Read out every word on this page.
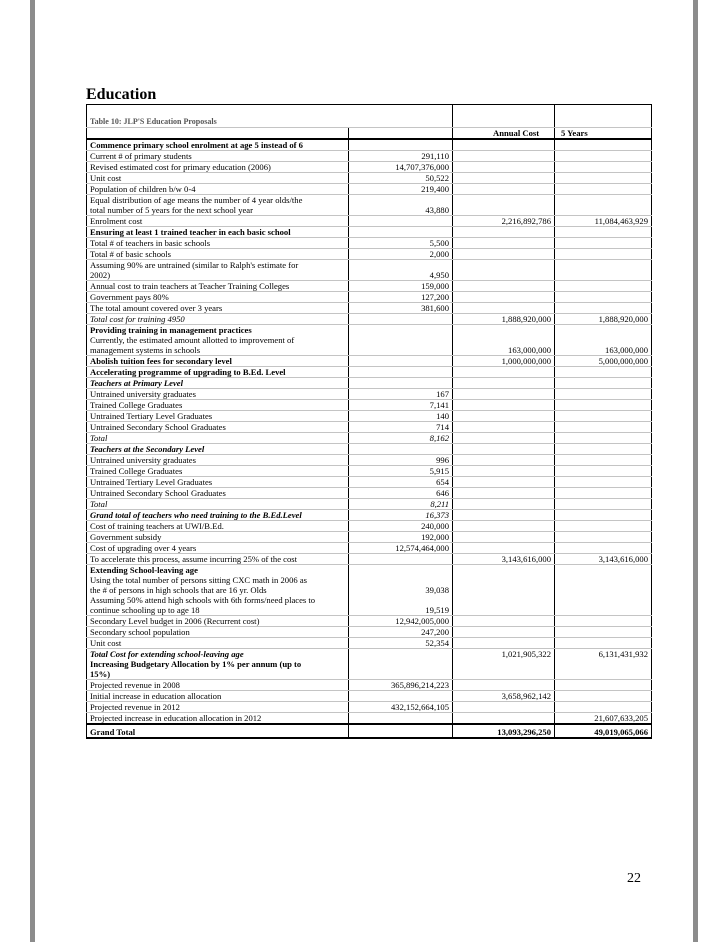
Education
Table 10: JLP'S Education Proposals			
		Annual Cost	5 Years
Commence primary school enrolment at age 5 instead of 6			
Current # of primary students	291,110		
Revised estimated cost for primary education (2006)	14,707,376,000		
Unit cost	50,522		
Population of children b/w 0-4	219,400		
Equal distribution of age means the number of 4 year olds/the			
total number of 5 years for the next school year	43,880		
Enrolment cost		2,216,892,786	11,084,463,929
Ensuring at least 1 trained teacher in each basic school			
Total # of teachers in basic schools	5,500		
Total # of basic schools	2,000		
Assuming 90% are untrained (similar to Ralph's estimate for			
2002)	4,950		
Annual cost to train teachers at Teacher Training Colleges	159,000		
Government pays 80%	127,200		
The total amount covered over 3 years	381,600		
Total cost for training 4950		1,888,920,000	1,888,920,000
Providing training in management practices			
Currently, the estimated amount allotted to improvement of			
management systems in schools		163,000,000	163,000,000
Abolish tuition fees for secondary level		1,000,000,000	5,000,000,000
Accelerating programme of upgrading to B.Ed. Level			
Teachers at Primary Level			
Untrained university graduates	167		
Trained College Graduates	7,141		
Untrained Tertiary Level Graduates	140		
Untrained Secondary School Graduates	714		
Total	8,162		
Teachers at the Secondary Level			
Untrained university graduates	996		
Trained College Graduates	5,915		
Untrained Tertiary Level Graduates	654		
Untrained Secondary School Graduates	646		
Total	8,211		
Grand total of teachers who need training to the B.Ed.Level	16,373		
Cost of training teachers at UWI/B.Ed.	240,000		
Government subsidy	192,000		
Cost of upgrading over 4 years	12,574,464,000		
To accelerate this process, assume incurring 25% of the cost		3,143,616,000	3,143,616,000
Extending School-leaving age			
Using the total number of persons sitting CXC math in 2006 as			
the # of persons in high schools that are 16 yr. Olds	39,038		
Assuming 50% attend high schools with 6th forms/need places to			
continue schooling up to age 18	19,519		
Secondary Level budget in 2006 (Recurrent cost)	12,942,005,000		
Secondary school population	247,200		
Unit cost	52,354		
Total Cost for extending school-leaving age		1,021,905,322	6,131,431,932
Increasing Budgetary Allocation by 1% per annum (up to			
15%)			
Projected revenue in 2008	365,896,214,223		
Initial increase in education allocation		3,658,962,142	
Projected revenue in 2012	432,152,664,105		
Projected increase in education allocation in 2012			21,607,633,205
Grand Total		13,093,296,250	49,019,065,066
22
